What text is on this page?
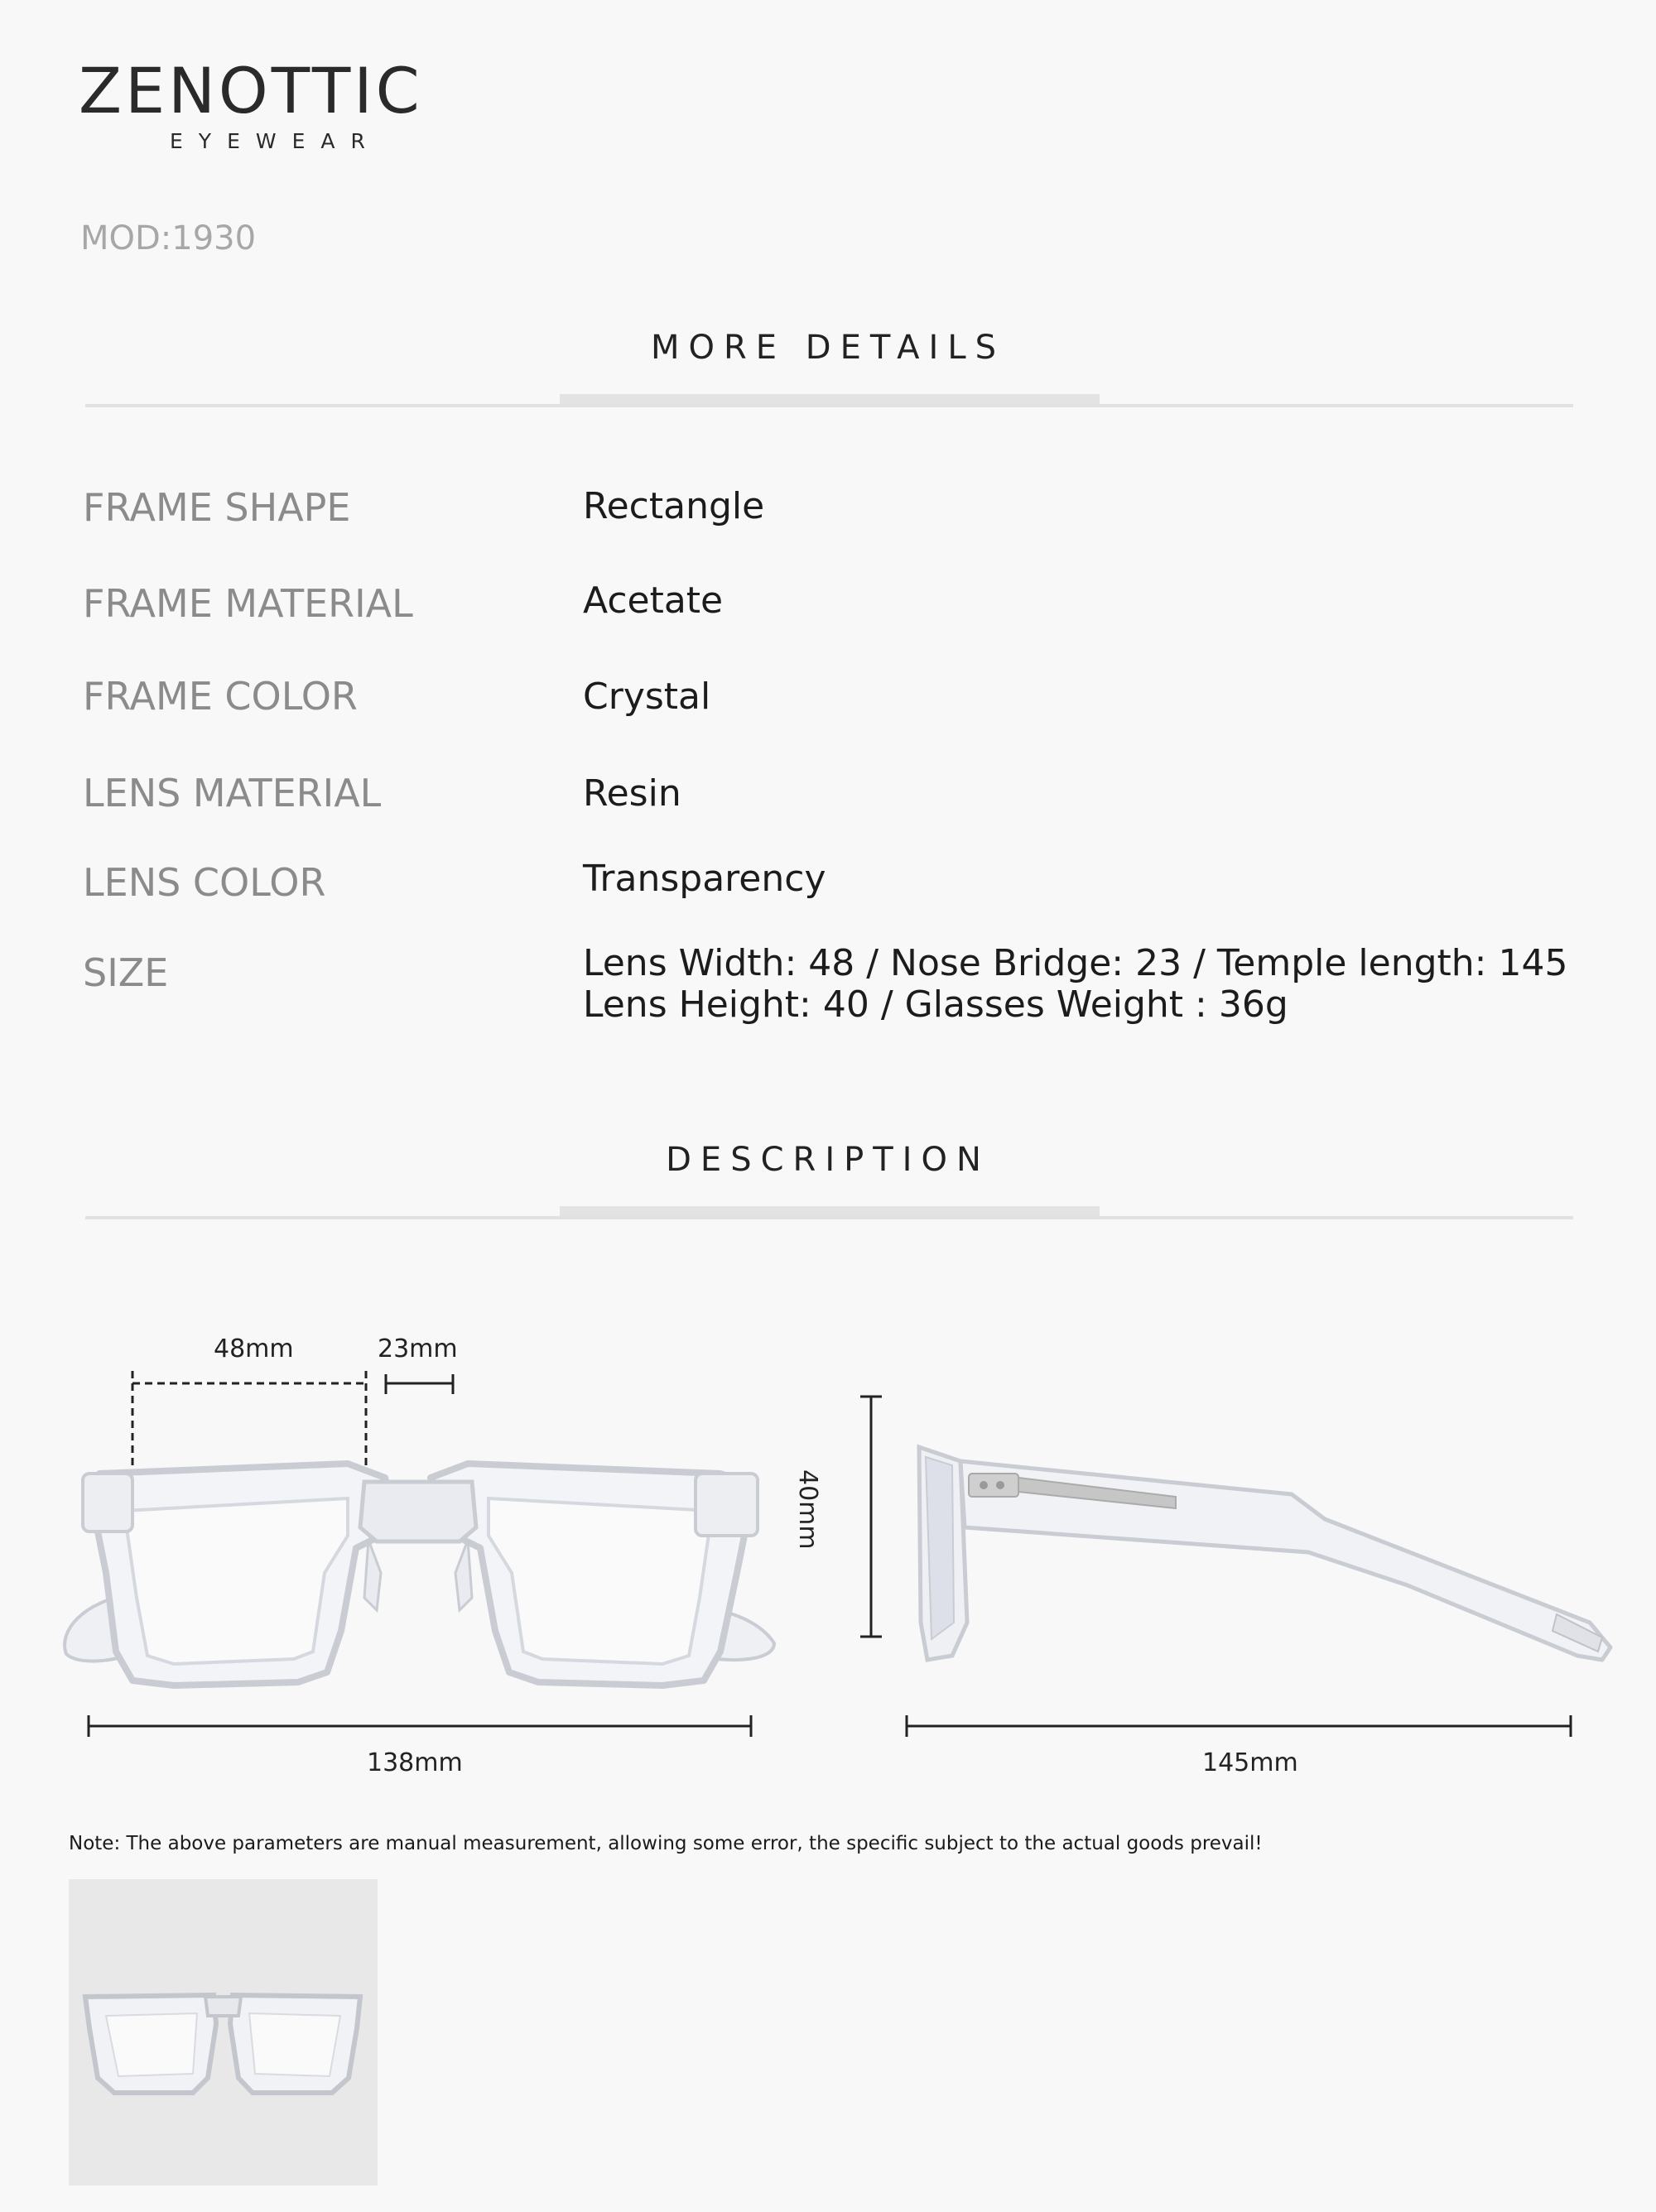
ZENOTTIC
EYEWEAR
MOD:1930
MORE DETAILS
FRAME SHAPE	Rectangle
FRAME MATERIAL	Acetate
FRAME COLOR	Crystal
LENS MATERIAL	Resin
LENS COLOR	Transparency
SIZE	Lens Width: 48 / Nose Bridge: 23 / Temple length: 145
Lens Height: 40 / Glasses Weight : 36g
DESCRIPTION
48mm	23mm
40mm
138mm	145mm
Note: The above parameters are manual measurement, allowing some error, the specific subject to the actual goods prevail!
